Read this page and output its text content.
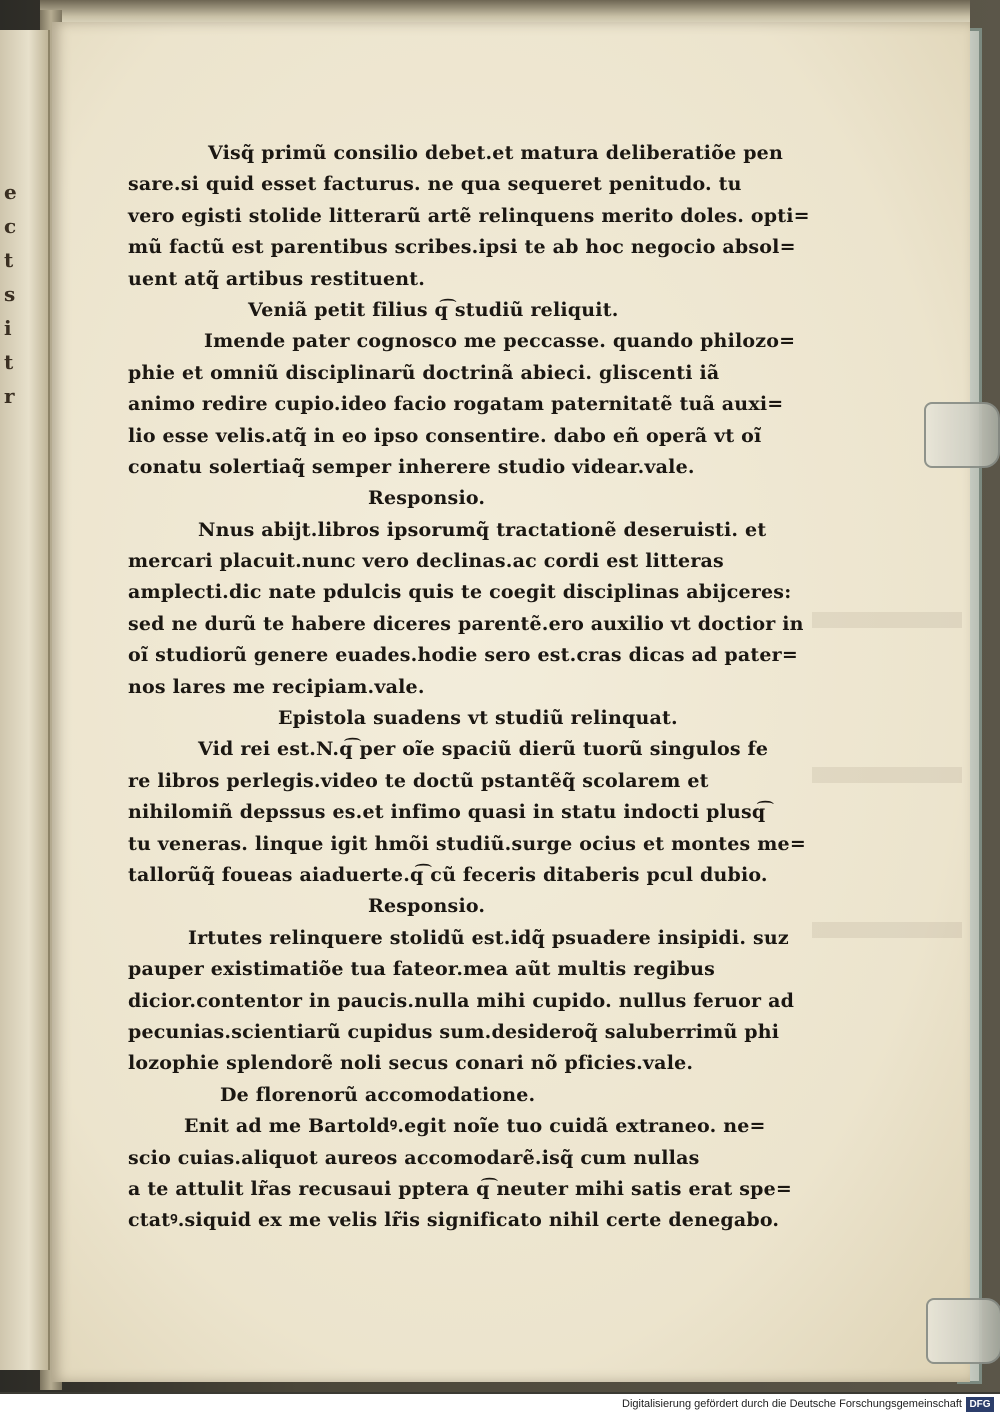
e
c
t
s
i
t
r
Visq̃ primũ consilio debet.et matura deliberatiõe pen
sare.si quid esset facturus. ne qua sequeret penitudo. tu
vero egisti stolide litterarũ artẽ relinquens merito doles. opti=
mũ factũ est parentibus scribes.ipsi te ab hoc negocio absol=
uent atq̃ artibus restituent.
Veniã petit filius q͡ studiũ reliquit.
Imende pater cognosco me peccasse. quando philozo=
phie et omniũ disciplinarũ doctrinã abieci. gliscenti iã
animo redire cupio.ideo facio rogatam paternitatẽ tuã auxi=
lio esse velis.atq̃ in eo ipso consentire. dabo eñ operã vt oĩ
conatu solertiaq̃ semper inherere studio videar.vale.
Responsio.
Nnus abijt.libros ipsorumq̃ tractationẽ deseruisti. et
mercari placuit.nunc vero declinas.ac cordi est litteras
amplecti.dic nate pdulcis quis te coegit disciplinas abijceres:
sed ne durũ te habere diceres parentẽ.ero auxilio vt doctior in
oĩ studiorũ genere euades.hodie sero est.cras dicas ad pater=
nos lares me recipiam.vale.
Epistola suadens vt studiũ relinquat.
Vid rei est.N.q͡ per oĩe spaciũ dierũ tuorũ singulos fe
re libros perlegis.video te doctũ pstantẽq̃ scolarem et
nihilomiñ depssus es.et infimo quasi in statu indocti plusq͡
tu veneras. linque igit hmõi studiũ.surge ocius et montes me=
tallorũq̃ foueas aiaduerte.q͡ cũ feceris ditaberis pcul dubio.
Responsio.
Irtutes relinquere stolidũ est.idq̃ psuadere insipidi. suz
pauper existimatiõe tua fateor.mea aũt multis regibus
dicior.contentor in paucis.nulla mihi cupido. nullus feruor ad
pecunias.scientiarũ cupidus sum.desideroq̃ saluberrimũ phi
lozophie splendorẽ noli secus conari nõ pficies.vale.
De florenorũ accomodatione.
Enit ad me Bartoldꝰ.egit noĩe tuo cuidã extraneo. ne=
scio cuias.aliquot aureos accomodarẽ.isq̃ cum nullas
a te attulit lr̃as recusaui pptera q͡ neuter mihi satis erat spe=
ctatꝰ.siquid ex me velis lr̃is significato nihil certe denegabo.
Digitalisierung gefördert durch die Deutsche Forschungsgemeinschaft DFG
